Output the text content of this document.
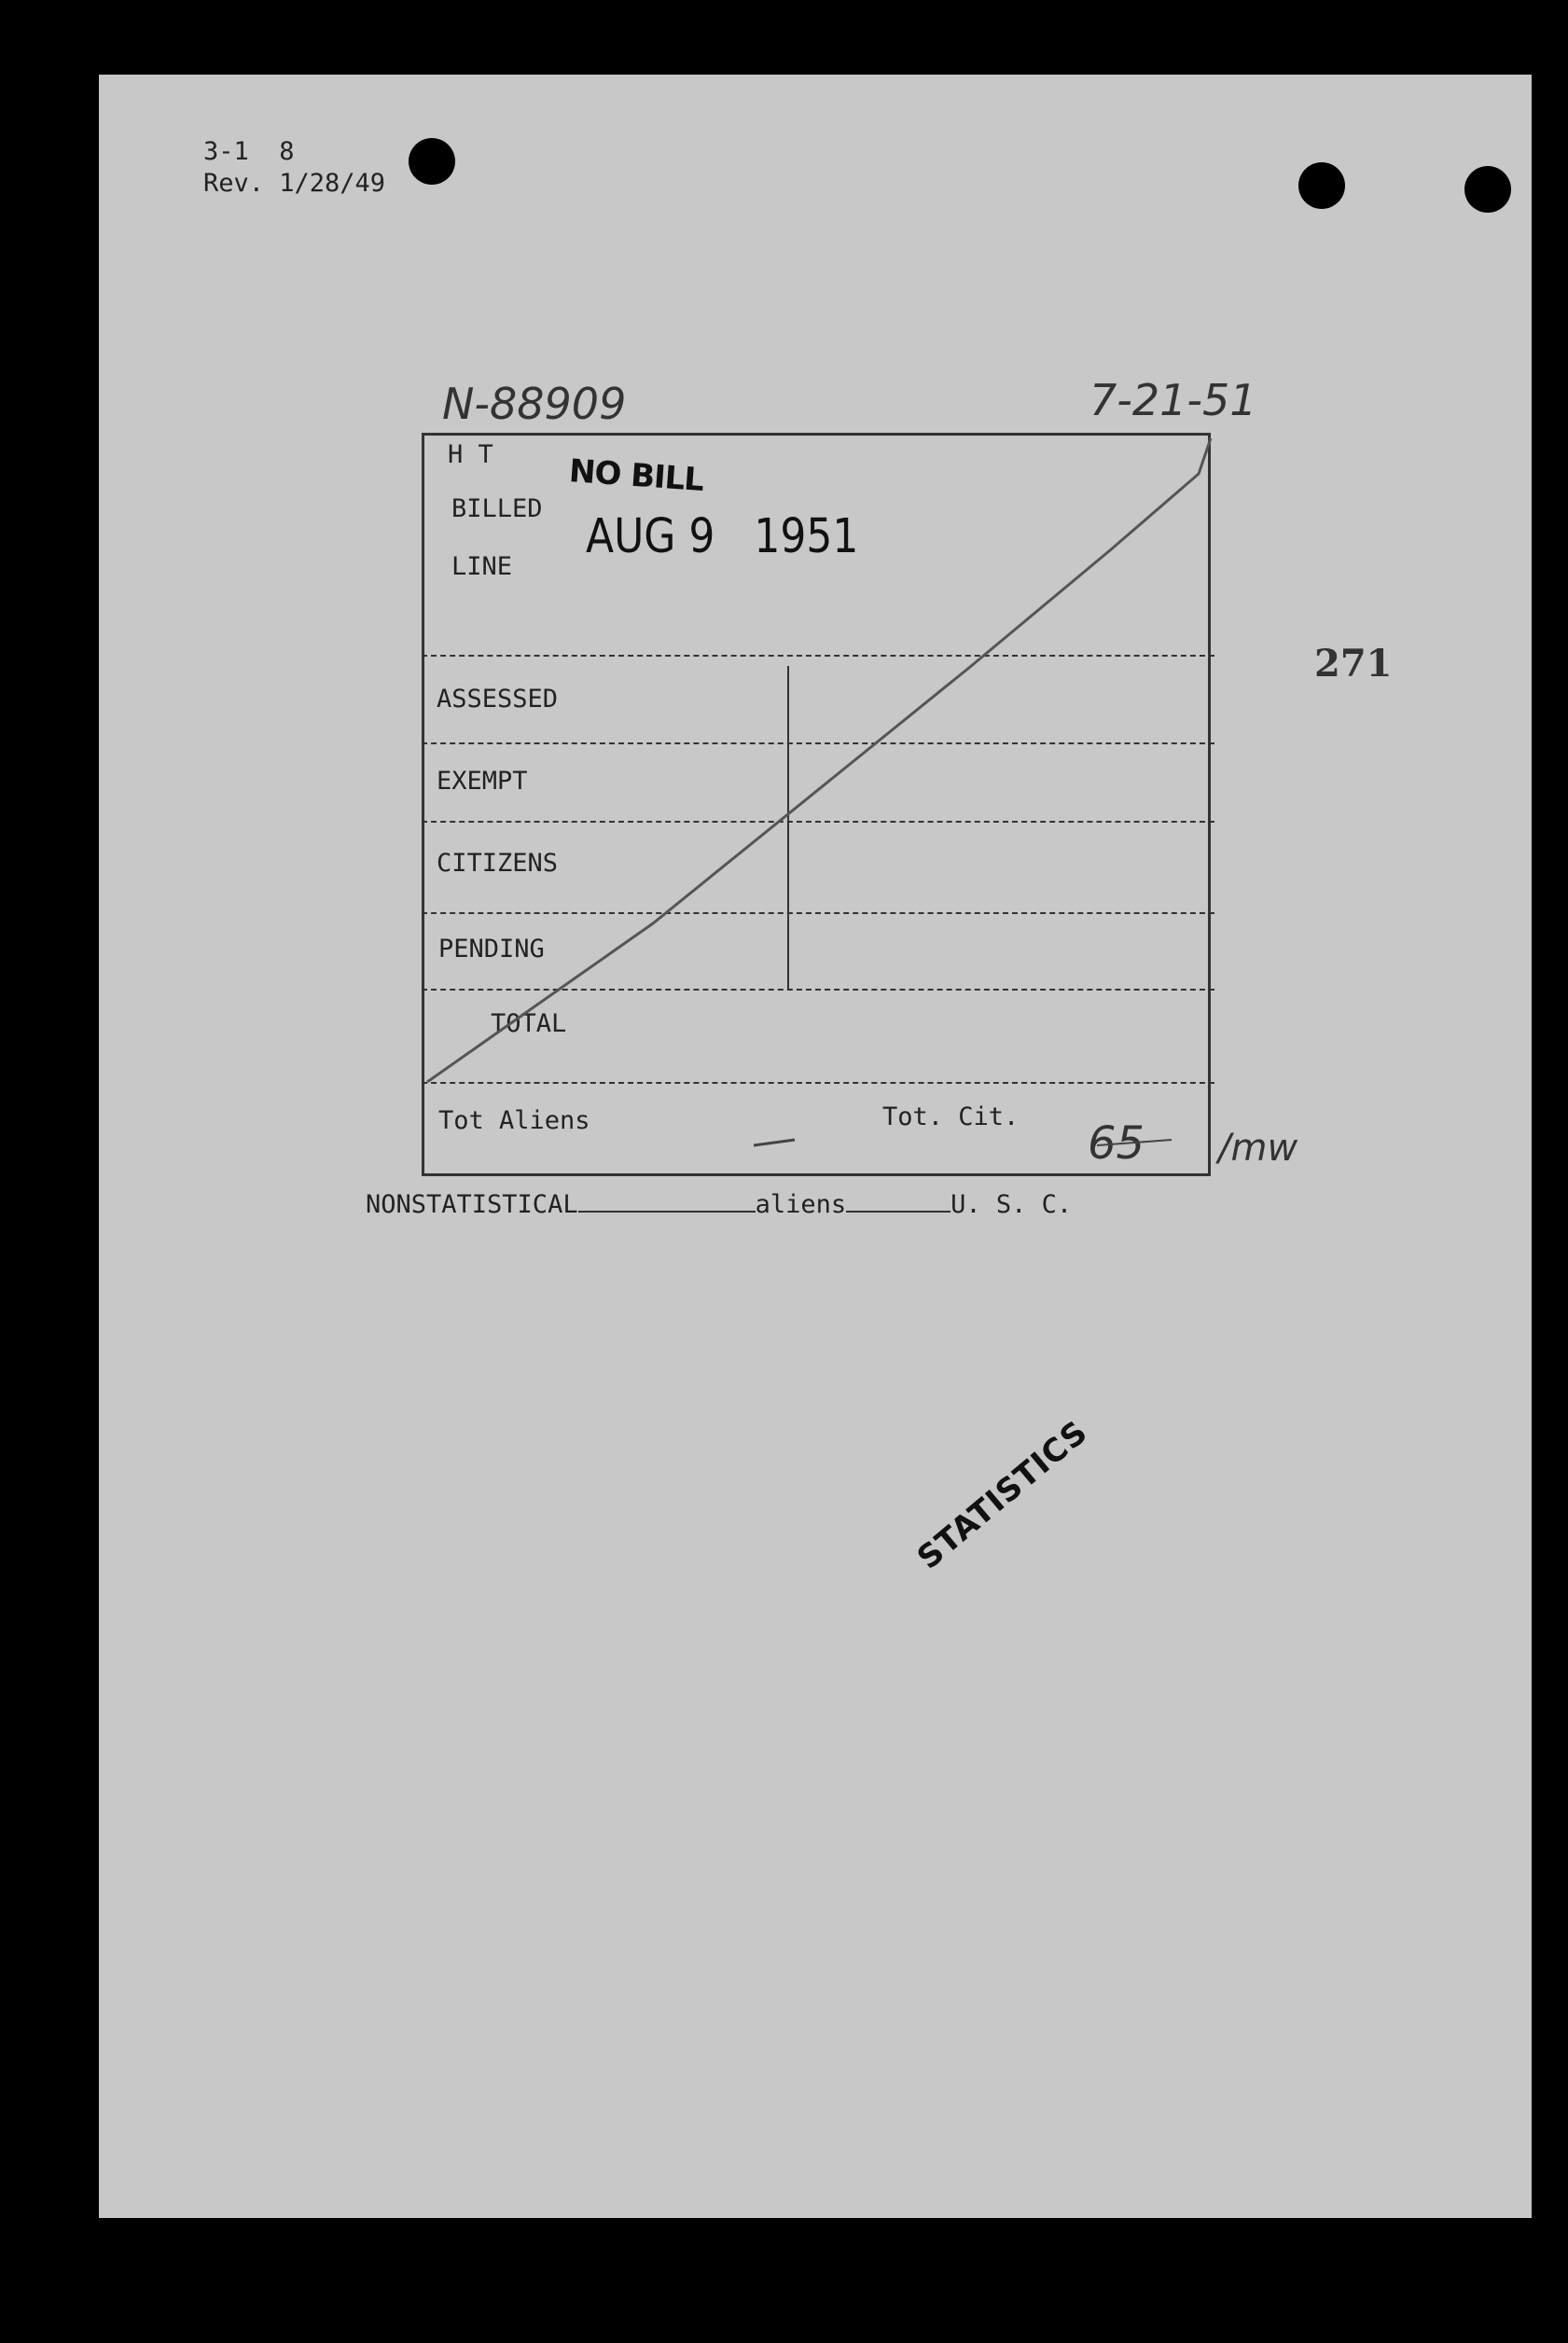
3-1  8
Rev. 1/28/49
N-88909	7-21-51
H T
BILLED
LINE
NO BILL
AUG 9   1951
ASSESSED
EXEMPT
CITIZENS
PENDING
TOTAL
Tot Aliens	Tot. Cit.
65 /mw
NONSTATISTICAL	aliens	U. S. C.
271
STATISTICS
